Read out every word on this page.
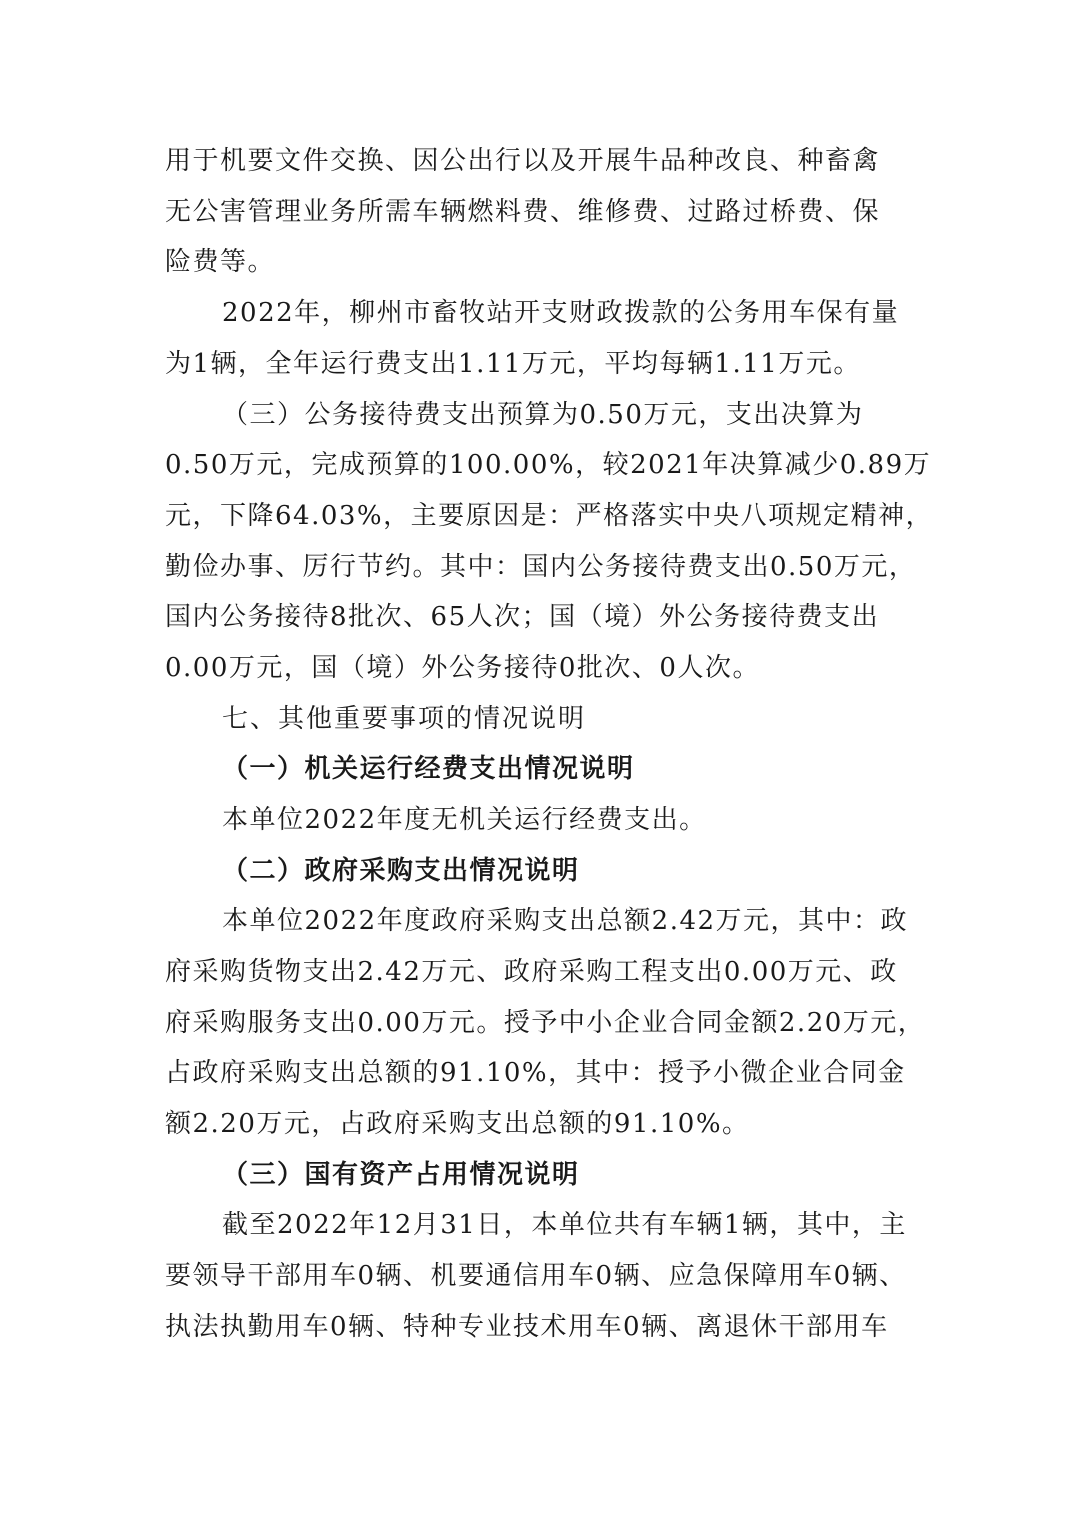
用于机要文件交换、因公出行以及开展牛品种改良、种畜禽
无公害管理业务所需车辆燃料费、维修费、过路过桥费、保
险费等。
2022年，柳州市畜牧站开支财政拨款的公务用车保有量
为1辆，全年运行费支出1.11万元，平均每辆1.11万元。
（三）公务接待费支出预算为0.50万元，支出决算为
0.50万元，完成预算的100.00%，较2021年决算减少0.89万
元，下降64.03%，主要原因是：严格落实中央八项规定精神，
勤俭办事、厉行节约。其中：国内公务接待费支出0.50万元，
国内公务接待8批次、65人次；国（境）外公务接待费支出
0.00万元，国（境）外公务接待0批次、0人次。
七、其他重要事项的情况说明
（一）机关运行经费支出情况说明
本单位2022年度无机关运行经费支出。
（二）政府采购支出情况说明
本单位2022年度政府采购支出总额2.42万元，其中：政
府采购货物支出2.42万元、政府采购工程支出0.00万元、政
府采购服务支出0.00万元。授予中小企业合同金额2.20万元，
占政府采购支出总额的91.10%，其中：授予小微企业合同金
额2.20万元，占政府采购支出总额的91.10%。
（三）国有资产占用情况说明
截至2022年12月31日，本单位共有车辆1辆，其中，主
要领导干部用车0辆、机要通信用车0辆、应急保障用车0辆、
执法执勤用车0辆、特种专业技术用车0辆、离退休干部用车
